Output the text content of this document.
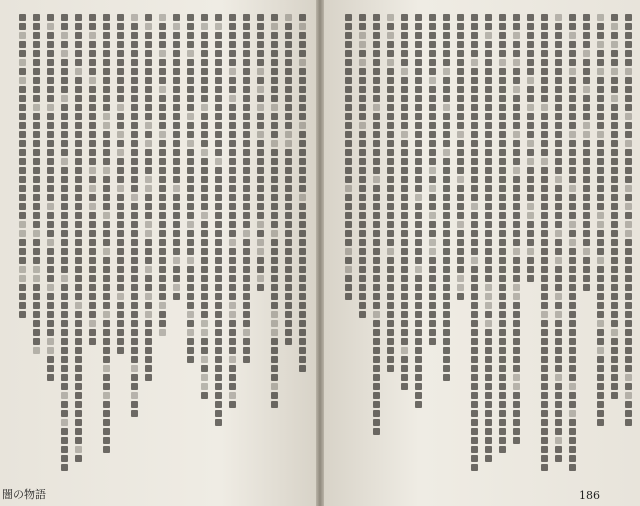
闇の物語	186
